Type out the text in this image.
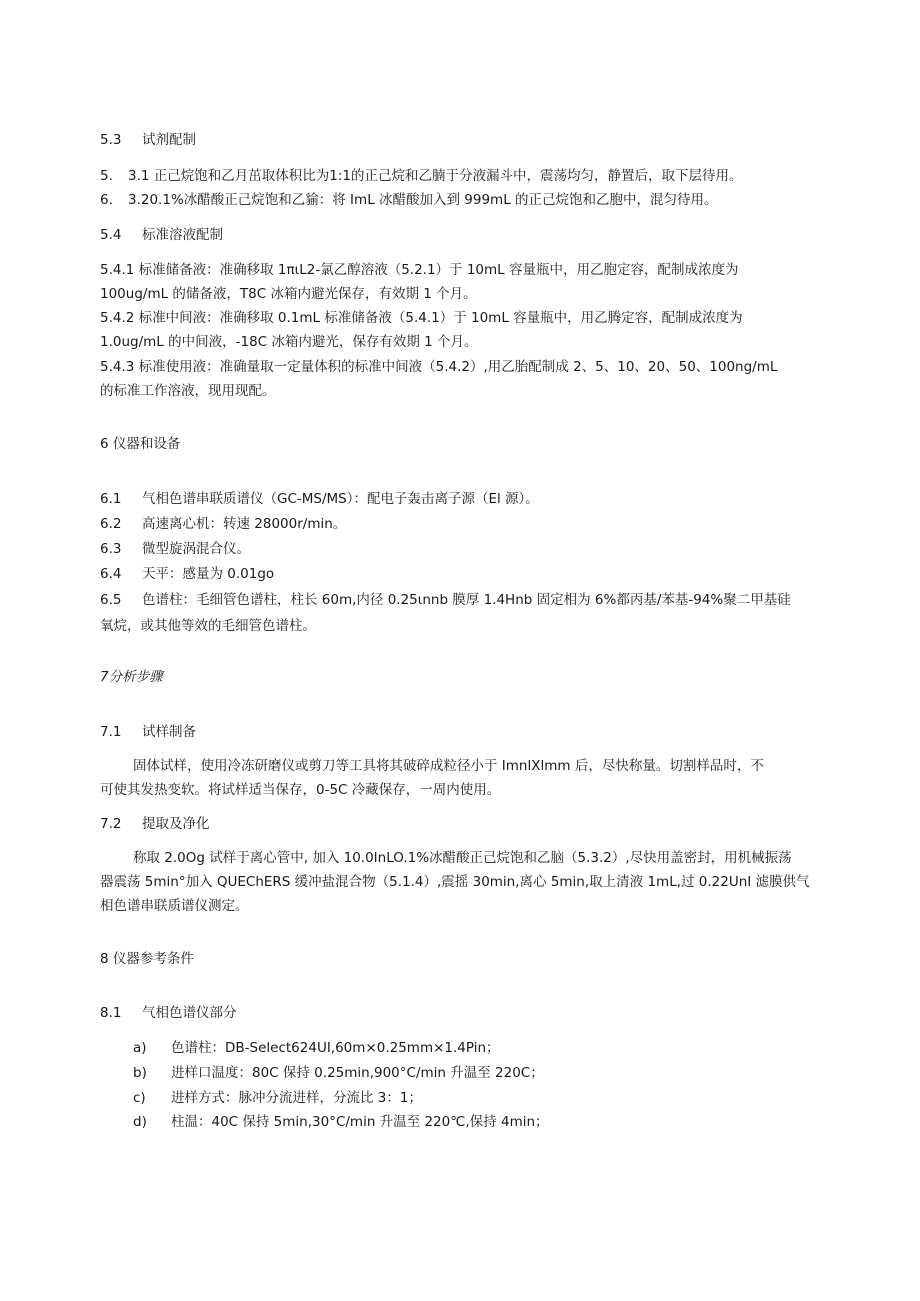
5.3 试剂配制
5. 3.1 正己烷饱和乙月茁取体积比为1:1的正己烷和乙腩于分液漏斗中，震荡均匀，静置后，取下层待用。
6. 3.20.1%冰醋酸正己烷饱和乙貐：将 ImL 冰醋酸加入到 999mL 的正己烷饱和乙胞中，混匀待用。
5.4 标准溶液配制
5.4.1 标准储备液：准确移取 1πιL2-氯乙醇溶液（5.2.1）于 10mL 容量瓶中，用乙胞定容，配制成浓度为
100ug/mL 的储备液，T8C 冰箱内避光保存，有效期 1 个月。
5.4.2 标准中间液：准确移取 0.1mL 标准储备液（5.4.1）于 10mL 容量瓶中，用乙腾定容，配制成浓度为
1.0ug/mL 的中间液，-18C 冰箱内避光，保存有效期 1 个月。
5.4.3 标准使用液：准确量取一定量体积的标准中间液（5.4.2）,用乙胎配制成 2、5、10、20、50、100ng/mL
的标准工作溶液，现用现配。
6 仪器和设备
6.1 气相色谱串联质谱仪（GC-MS/MS）：配电子轰击离子源（El 源）。
6.2 高速离心机：转速 28000r/min。
6.3 微型旋涡混合仪。
6.4 天平：感量为 0.01go
6.5 色谱柱：毛细管色谱柱，柱长 60m,内径 0.25ιnnb 膜厚 1.4Hnb 固定相为 6%都丙基/苯基-94%聚二甲基硅
氧烷，或其他等效的毛细管色谱柱。
7分析步骤
7.1 试样制备
固体试样，使用冷冻研磨仪或剪刀等工具将其破碎成粒径小于 ImnlXlmm 后，尽快称量。切割样品时，不
可使其发热变软。将试样适当保存，0-5C 冷藏保存，一周内使用。
7.2 提取及净化
称取 2.0Og 试样于离心管中, 加入 10.0InLO.1%冰醋酸正己烷饱和乙脑（5.3.2）,尽快用盖密封，用机械振荡
器震荡 5min°加入 QUEChERS 缓冲盐混合物（5.1.4）,震摇 30min,离心 5min,取上清液 1mL,过 0.22UnI 滤膜供气
相色谱串联质谱仪测定。
8 仪器参考条件
8.1 气相色谱仪部分
a) 色谱柱：DB-Select624UI,60m×0.25mm×1.4Pin；
b) 进样口温度：80C 保持 0.25min,900°C∕min 升温至 220C；
c) 进样方式：脉冲分流进样，分流比 3：1；
d) 柱温：40C 保持 5min,30°C∕min 升温至 220℃,保持 4min；
